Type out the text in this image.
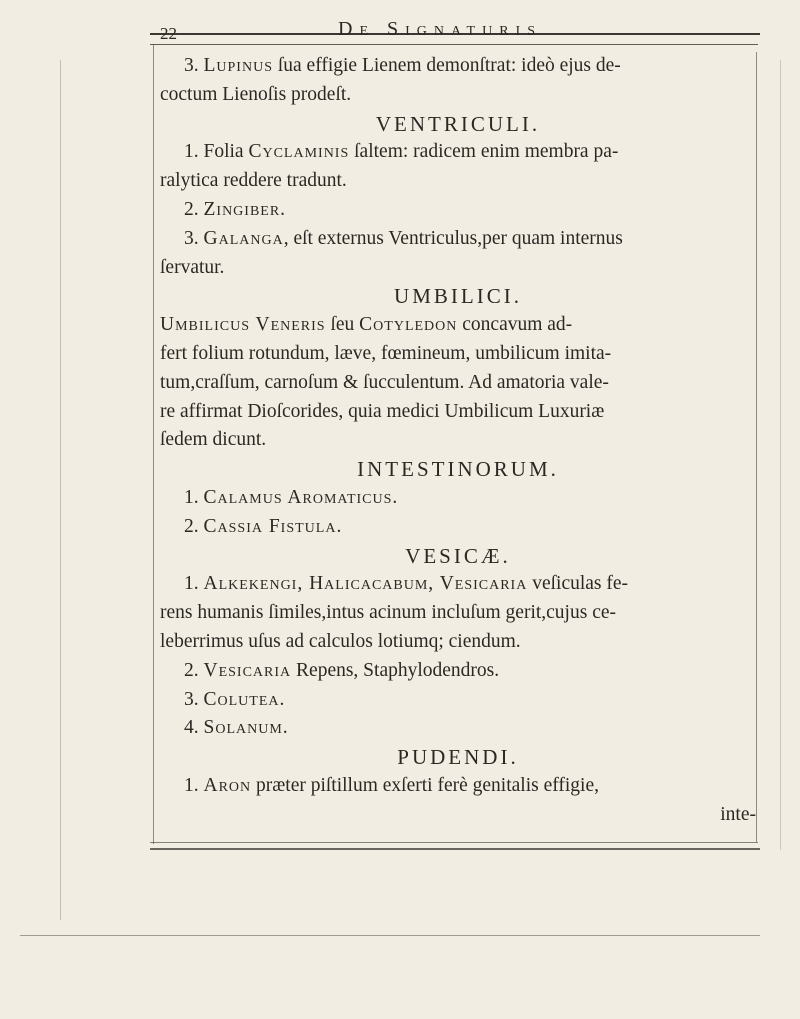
22	De Signaturis
3. Lupinus ſua effigie Lienem demonſtrat: ideò ejus de-
coctum Lienoſis prodeſt.
VENTRICULI.
1. Folia Cyclaminis ſaltem: radicem enim membra pa-
ralytica reddere tradunt.
2. Zingiber.
3. Galanga, eſt externus Ventriculus,per quam internus
ſervatur.
UMBILICI.
Umbilicus Veneris ſeu Cotyledon concavum ad-
fert folium rotundum, læve, fœmineum, umbilicum imita-
tum,craſſum, carnoſum & ſucculentum. Ad amatoria vale-
re affirmat Dioſcorides, quia medici Umbilicum Luxuriæ
ſedem dicunt.
INTESTINORUM.
1. Calamus Aromaticus.
2. Cassia Fistula.
VESICÆ.
1. Alkekengi, Halicacabum, Vesicaria veſiculas fe-
rens humanis ſimiles,intus acinum incluſum gerit,cujus ce-
leberrimus uſus ad calculos lotiumq; ciendum.
2. Vesicaria Repens, Staphylodendros.
3. Colutea.
4. Solanum.
PUDENDI.
1. Aron præter piſtillum exſerti ferè genitalis effigie,
inte-
